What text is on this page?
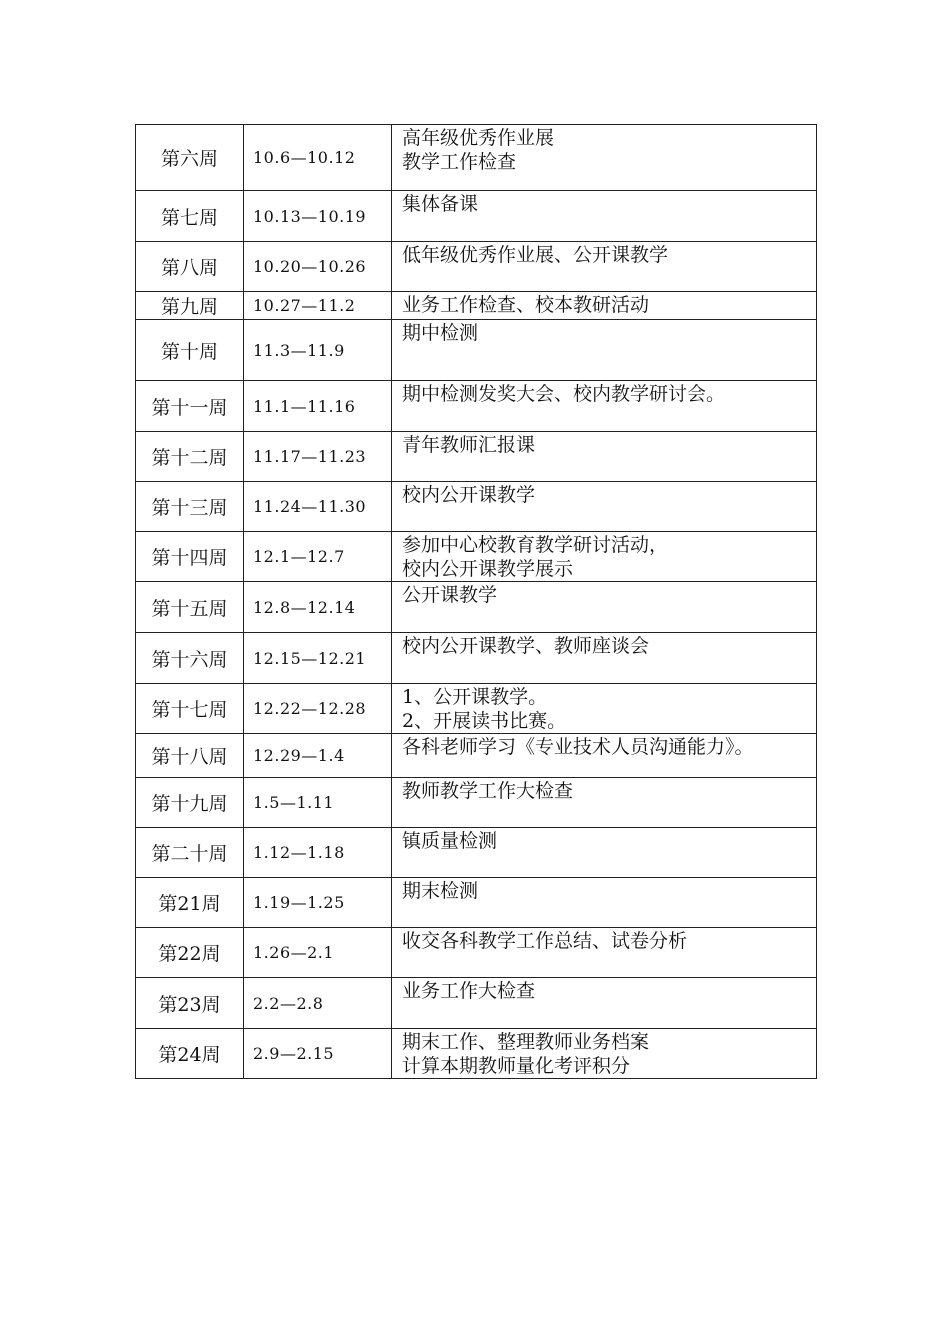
第六周	10.6—10.12	高年级优秀作业展
教学工作检查

第七周	10.13—10.19	集体备课

第八周	10.20—10.26	低年级优秀作业展、公开课教学

第九周	10.27—11.2	业务工作检查、校本教研活动

第十周	11.3—11.9	期中检测

第十一周	11.1—11.16	期中检测发奖大会、校内教学研讨会。

第十二周	11.17—11.23	青年教师汇报课

第十三周	11.24—11.30	校内公开课教学

第十四周	12.1—12.7	参加中心校教育教学研讨活动，
校内公开课教学展示

第十五周	12.8—12.14	公开课教学

第十六周	12.15—12.21	校内公开课教学、教师座谈会

第十七周	12.22—12.28	1、公开课教学。
2、开展读书比赛。

第十八周	12.29—1.4	各科老师学习《专业技术人员沟通能力》。

第十九周	1.5—1.11	教师教学工作大检查

第二十周	1.12—1.18	镇质量检测

第21周	1.19—1.25	期末检测

第22周	1.26—2.1	收交各科教学工作总结、试卷分析

第23周	2.2—2.8	业务工作大检查

第24周	2.9—2.15	期末工作、整理教师业务档案
计算本期教师量化考评积分
